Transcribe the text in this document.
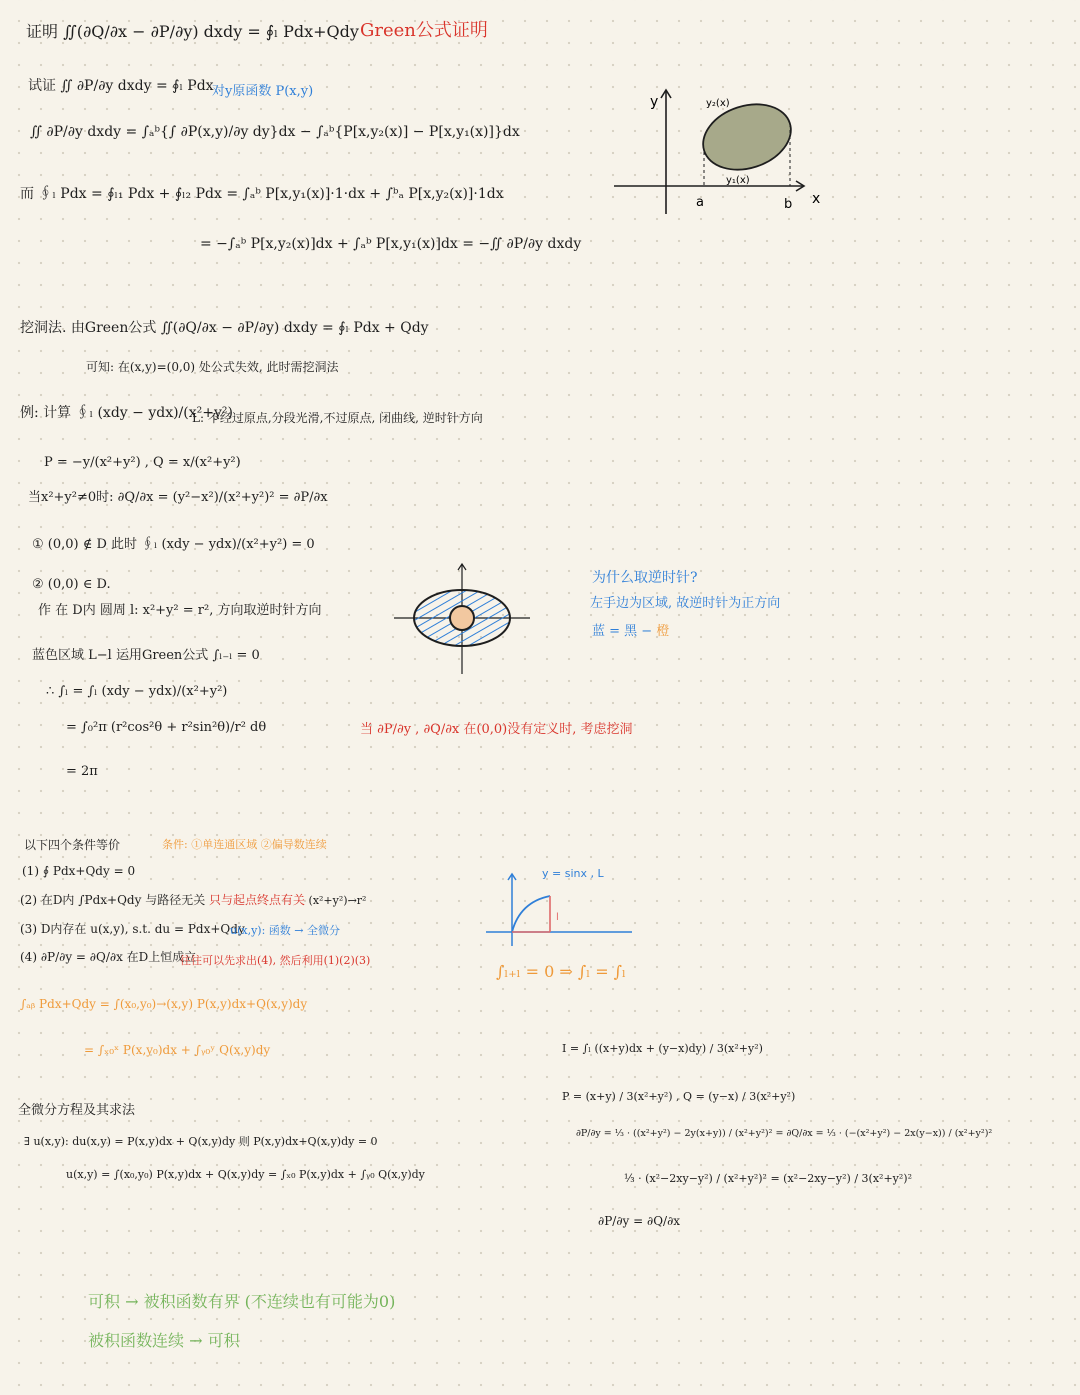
证明 ∬(∂Q/∂x − ∂P/∂y) dxdy = ∮ₗ Pdx+Qdy Green公式证明
试证 ∬ ∂P/∂y dxdy = ∮ₗ Pdx
对y原函数 P(x,y)
∬ ∂P/∂y dxdy = ∫ₐᵇ{∫ ∂P(x,y)/∂y dy}dx − ∫ₐᵇ{P[x,y₂(x)] − P[x,y₁(x)]}dx
而 ∮ₗ Pdx = ∮ₗ₁ Pdx + ∮ₗ₂ Pdx = ∫ₐᵇ P[x,y₁(x)]·1·dx + ∫ᵇₐ P[x,y₂(x)]·1dx
= −∫ₐᵇ P[x,y₂(x)]dx + ∫ₐᵇ P[x,y₁(x)]dx = −∬ ∂P/∂y dxdy
y
x
a	b
y₂(x)
y₁(x)
挖洞法. 由Green公式 ∬(∂Q/∂x − ∂P/∂y) dxdy = ∮ₗ Pdx + Qdy
可知: 在(x,y)=(0,0) 处公式失效, 此时需挖洞法
例: 计算 ∮ₗ (xdy − ydx)/(x²+y²)
L: 不经过原点,分段光滑,不过原点, 闭曲线, 逆时针方向
P = −y/(x²+y²) , Q = x/(x²+y²)
当x²+y²≠0时: ∂Q/∂x = (y²−x²)/(x²+y²)² = ∂P/∂x
① (0,0) ∉ D 此时 ∮ₗ (xdy − ydx)/(x²+y²) = 0
② (0,0) ∈ D.
作 在 D内 圆周 l: x²+y² = r², 方向取逆时针方向
蓝色区域 L−l 运用Green公式 ∫ₗ₋ₗ = 0
∴ ∫ₗ = ∫ₗ (xdy − ydx)/(x²+y²)
= ∫₀²π (r²cos²θ + r²sin²θ)/r² dθ
= 2π
为什么取逆时针?
左手边为区域, 故逆时针为正方向
蓝 = 黑 − 橙
当 ∂P/∂y , ∂Q/∂x 在(0,0)没有定义时, 考虑挖洞
以下四个条件等价	条件: ①单连通区域 ②偏导数连续
(1) ∮ Pdx+Qdy = 0
(2) 在D内 ∫Pdx+Qdy 与路径无关 只与起点终点有关 (x²+y²)→r²
(3) D内存在 u(x,y), s.t. du = Pdx+Qdy
u(x,y): 函数 → 全微分
(4) ∂P/∂y = ∂Q/∂x 在D上恒成立
往往可以先求出(4), 然后利用(1)(2)(3)
∫ₐᵦ Pdx+Qdy = ∫(x₀,y₀)→(x,y) P(x,y)dx+Q(x,y)dy
= ∫ₓ₀ˣ P(x,y₀)dx + ∫ᵧ₀ʸ Q(x,y)dy
全微分方程及其求法
∃ u(x,y): du(x,y) = P(x,y)dx + Q(x,y)dy 则 P(x,y)dx+Q(x,y)dy = 0
u(x,y) = ∫(x₀,y₀) P(x,y)dx + Q(x,y)dy = ∫ₓ₀ P(x,y)dx + ∫ᵧ₀ Q(x,y)dy
y = sinx , L
l
∫ₗ₊ₗ = 0 ⇒ ∫ₗ = ∫ₗ
I = ∫ₗ ((x+y)dx + (y−x)dy) / 3(x²+y²)
P = (x+y) / 3(x²+y²) , Q = (y−x) / 3(x²+y²)
∂P/∂y = ⅓ · ((x²+y²) − 2y(x+y)) / (x²+y²)² = ∂Q/∂x = ⅓ · (−(x²+y²) − 2x(y−x)) / (x²+y²)²
⅓ · (x²−2xy−y²) / (x²+y²)² = (x²−2xy−y²) / 3(x²+y²)²
∂P/∂y = ∂Q/∂x
可积 → 被积函数有界 (不连续也有可能为0)
被积函数连续 → 可积
